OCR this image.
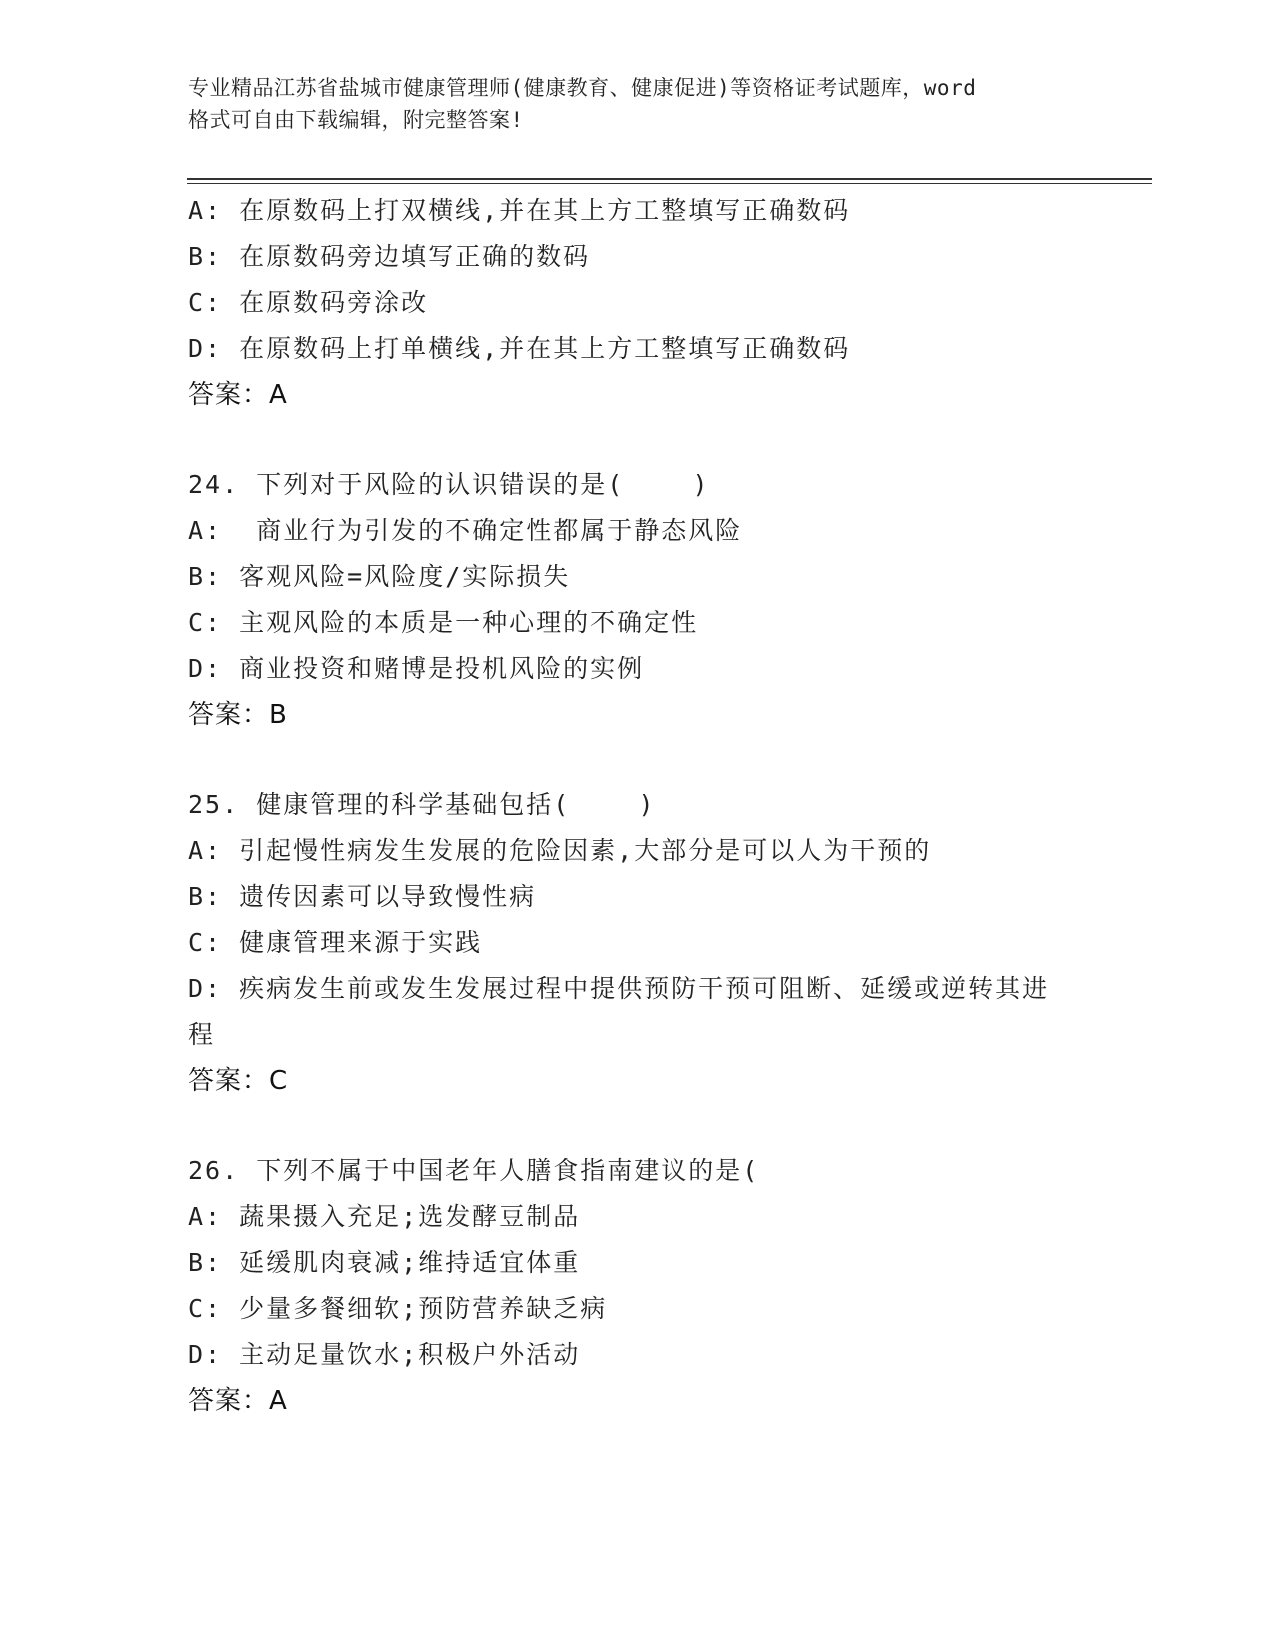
专业精品江苏省盐城市健康管理师(健康教育、健康促进)等资格证考试题库，word
格式可自由下载编辑，附完整答案!
A: 在原数码上打双横线,并在其上方工整填写正确数码
B: 在原数码旁边填写正确的数码
C: 在原数码旁涂改
D: 在原数码上打单横线,并在其上方工整填写正确数码
答案：A
24. 下列对于风险的认识错误的是(    )
A:  商业行为引发的不确定性都属于静态风险
B: 客观风险=风险度/实际损失
C: 主观风险的本质是一种心理的不确定性
D: 商业投资和赌博是投机风险的实例
答案：B
25. 健康管理的科学基础包括(    )
A: 引起慢性病发生发展的危险因素,大部分是可以人为干预的
B: 遗传因素可以导致慢性病
C: 健康管理来源于实践
D: 疾病发生前或发生发展过程中提供预防干预可阻断、延缓或逆转其进程
答案：C
26. 下列不属于中国老年人膳食指南建议的是(
A: 蔬果摄入充足;选发酵豆制品
B: 延缓肌肉衰减;维持适宜体重
C: 少量多餐细软;预防营养缺乏病
D: 主动足量饮水;积极户外活动
答案：A
